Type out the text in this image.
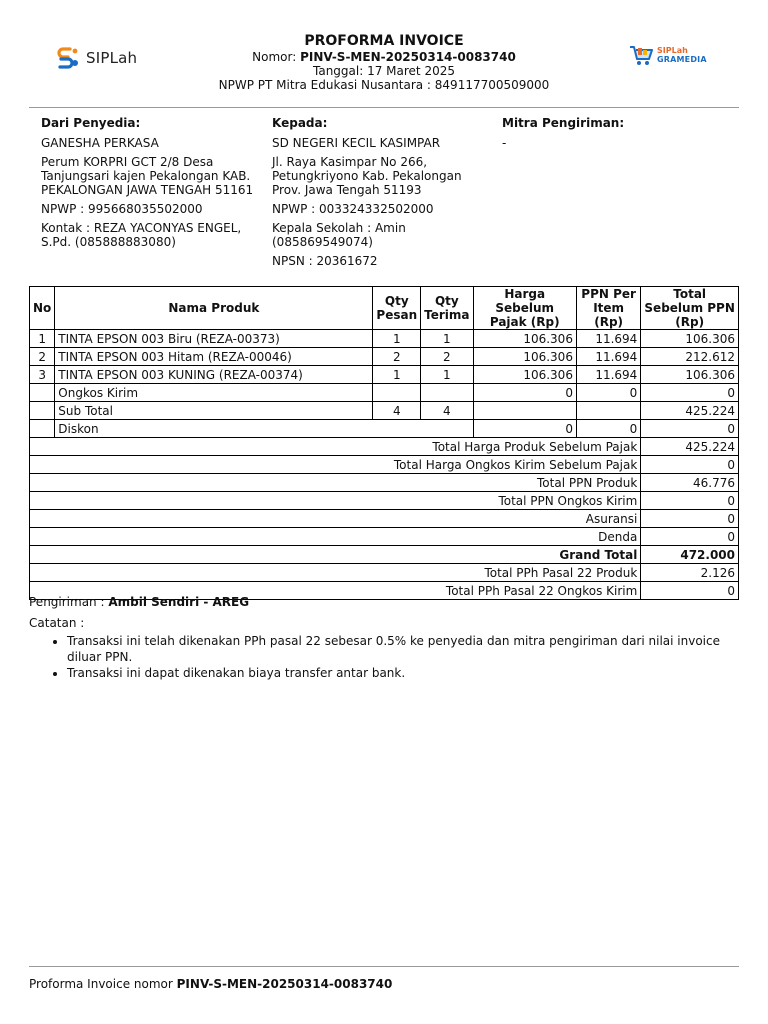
SIPLah	SIPLah
GRAMEDIA
PROFORMA INVOICE
Nomor: PINV-S-MEN-20250314-0083740
Tanggal: 17 Maret 2025
NPWP PT Mitra Edukasi Nusantara : 849117700509000
Dari Penyedia:
GANESHA PERKASA
Perum KORPRI GCT 2/8 Desa Tanjungsari kajen Pekalongan KAB. PEKALONGAN JAWA TENGAH 51161
NPWP : 995668035502000
Kontak : REZA YACONYAS ENGEL, S.Pd. (085888883080)
Kepada:
SD NEGERI KECIL KASIMPAR
Jl. Raya Kasimpar No 266, Petungkriyono Kab. Pekalongan Prov. Jawa Tengah 51193
NPWP : 003324332502000
Kepala Sekolah : Amin (085869549074)
NPSN : 20361672
Mitra Pengiriman:
-
No	Nama Produk	Qty Pesan	Qty Terima	Harga Sebelum Pajak (Rp)	PPN Per Item (Rp)	Total Sebelum PPN (Rp)
1	TINTA EPSON 003 Biru (REZA-00373)	1	1	106.306	11.694	106.306
2	TINTA EPSON 003 Hitam (REZA-00046)	2	2	106.306	11.694	212.612
3	TINTA EPSON 003 KUNING (REZA-00374)	1	1	106.306	11.694	106.306
	Ongkos Kirim			0	0	0
	Sub Total	4	4			425.224
	Diskon			0	0	0
Total Harga Produk Sebelum Pajak						425.224
Total Harga Ongkos Kirim Sebelum Pajak						0
Total PPN Produk						46.776
Total PPN Ongkos Kirim						0
Asuransi						0
Denda						0
Grand Total						472.000
Total PPh Pasal 22 Produk						2.126
Total PPh Pasal 22 Ongkos Kirim						0
Pengiriman : Ambil Sendiri - AREG
Catatan :
• Transaksi ini telah dikenakan PPh pasal 22 sebesar 0.5% ke penyedia dan mitra pengiriman dari nilai invoice diluar PPN.
• Transaksi ini dapat dikenakan biaya transfer antar bank.
Proforma Invoice nomor PINV-S-MEN-20250314-0083740
